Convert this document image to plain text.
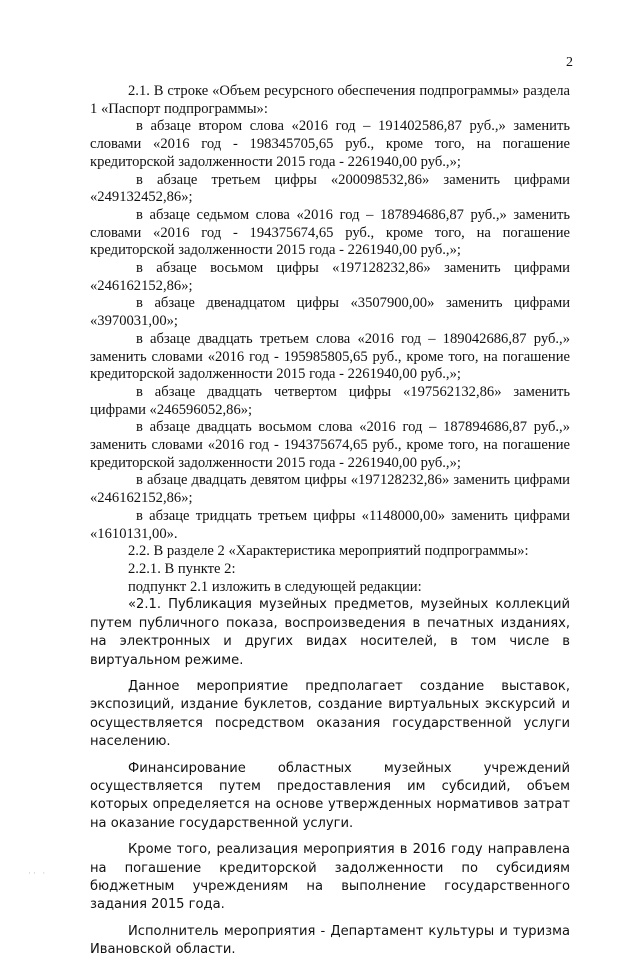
2

2.1. В строке «Объем ресурсного обеспечения подпрограммы» раздела 1 «Паспорт подпрограммы»:

в абзаце втором слова «2016 год – 191402586,87 руб.,» заменить словами «2016 год - 198345705,65 руб., кроме того, на погашение кредиторской задолженности 2015 года - 2261940,00 руб.,»;

в абзаце третьем цифры «200098532,86» заменить цифрами «249132452,86»;

в абзаце седьмом слова «2016 год – 187894686,87 руб.,» заменить словами «2016 год - 194375674,65 руб., кроме того, на погашение кредиторской задолженности 2015 года - 2261940,00 руб.,»;

в абзаце восьмом цифры «197128232,86» заменить цифрами «246162152,86»;

в абзаце двенадцатом цифры «3507900,00» заменить цифрами «3970031,00»;

в абзаце двадцать третьем слова «2016 год – 189042686,87 руб.,» заменить словами «2016 год - 195985805,65 руб., кроме того, на погашение кредиторской задолженности 2015 года - 2261940,00 руб.,»;

в абзаце двадцать четвертом цифры «197562132,86» заменить цифрами «246596052,86»;

в абзаце двадцать восьмом слова «2016 год – 187894686,87 руб.,» заменить словами «2016 год - 194375674,65 руб., кроме того, на погашение кредиторской задолженности 2015 года - 2261940,00 руб.,»;

в абзаце двадцать девятом цифры «197128232,86» заменить цифрами «246162152,86»;

в абзаце тридцать третьем цифры «1148000,00» заменить цифрами «1610131,00».

2.2. В разделе 2 «Характеристика мероприятий подпрограммы»:

2.2.1. В пункте 2:

подпункт 2.1 изложить в следующей редакции:

«2.1. Публикация музейных предметов, музейных коллекций путем публичного показа, воспроизведения в печатных изданиях, на электронных и других видах носителей, в том числе в виртуальном режиме.

Данное мероприятие предполагает создание выставок, экспозиций, издание буклетов, создание виртуальных экскурсий и осуществляется посредством оказания государственной услуги населению.

Финансирование областных музейных учреждений осуществляется путем предоставления им субсидий, объем которых определяется на основе утвержденных нормативов затрат на оказание государственной услуги.

Кроме того, реализация мероприятия в 2016 году направлена на погашение кредиторской задолженности по субсидиям бюджетным учреждениям на выполнение государственного задания 2015 года.

Исполнитель мероприятия - Департамент культуры и туризма Ивановской области.

·· ·
